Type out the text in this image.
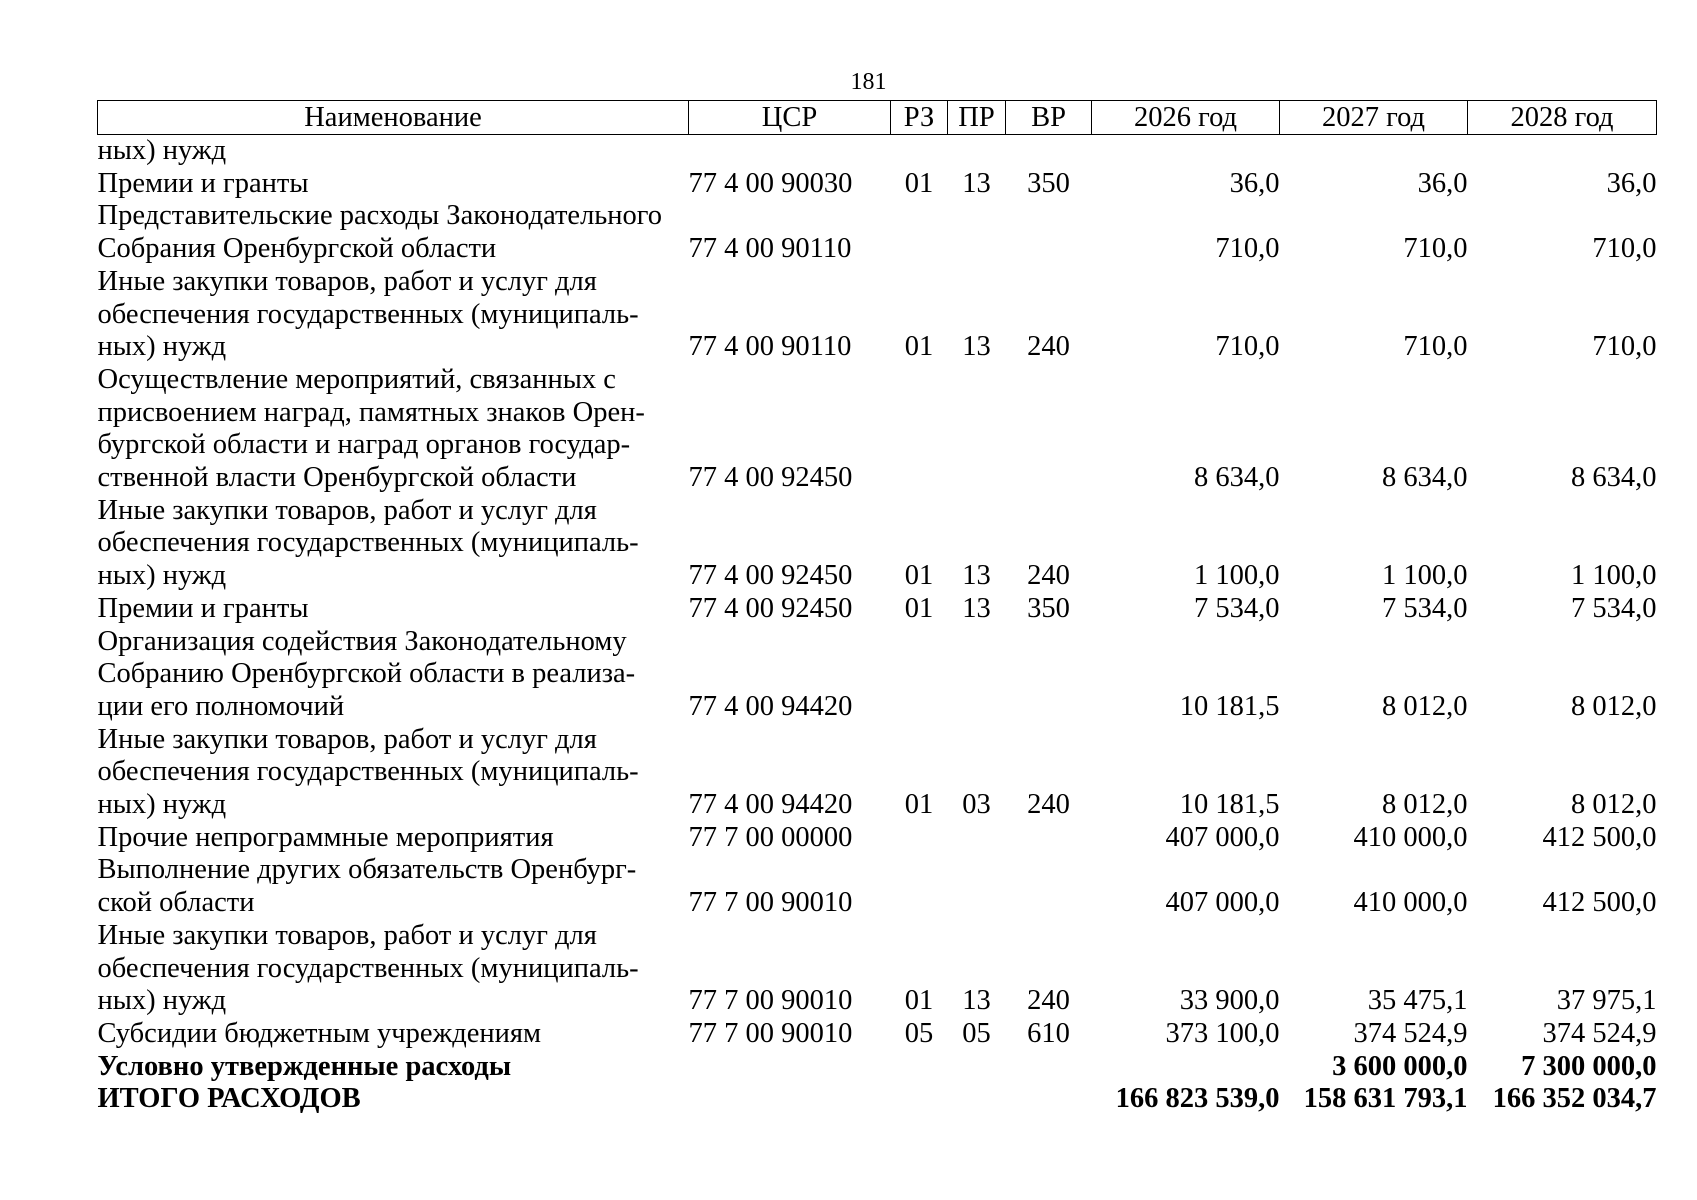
181
Наименование	ЦСР	РЗ	ПР	ВР	2026 год	2027 год	2028 год

ных) нужд							

Премии и гранты	77 4 00 90030	01	13	350	36,0	36,0	36,0

Представительские расходы Законодательного
Собрания Оренбургской области	77 4 00 90110				710,0	710,0	710,0

Иные закупки товаров, работ и услуг для
обеспечения государственных (муниципаль-
ных) нужд	77 4 00 90110	01	13	240	710,0	710,0	710,0

Осуществление мероприятий, связанных с
присвоением наград, памятных знаков Орен-
бургской области и наград органов государ-
ственной власти Оренбургской области	77 4 00 92450				8 634,0	8 634,0	8 634,0

Иные закупки товаров, работ и услуг для
обеспечения государственных (муниципаль-
ных) нужд	77 4 00 92450	01	13	240	1 100,0	1 100,0	1 100,0

Премии и гранты	77 4 00 92450	01	13	350	7 534,0	7 534,0	7 534,0

Организация содействия Законодательному
Собранию Оренбургской области в реализа-
ции его полномочий	77 4 00 94420				10 181,5	8 012,0	8 012,0

Иные закупки товаров, работ и услуг для
обеспечения государственных (муниципаль-
ных) нужд	77 4 00 94420	01	03	240	10 181,5	8 012,0	8 012,0

Прочие непрограммные мероприятия	77 7 00 00000				407 000,0	410 000,0	412 500,0

Выполнение других обязательств Оренбург-
ской области	77 7 00 90010				407 000,0	410 000,0	412 500,0

Иные закупки товаров, работ и услуг для
обеспечения государственных (муниципаль-
ных) нужд	77 7 00 90010	01	13	240	33 900,0	35 475,1	37 975,1

Субсидии бюджетным учреждениям	77 7 00 90010	05	05	610	373 100,0	374 524,9	374 524,9

Условно утвержденные расходы						3 600 000,0	7 300 000,0

ИТОГО РАСХОДОВ					166 823 539,0	158 631 793,1	166 352 034,7
